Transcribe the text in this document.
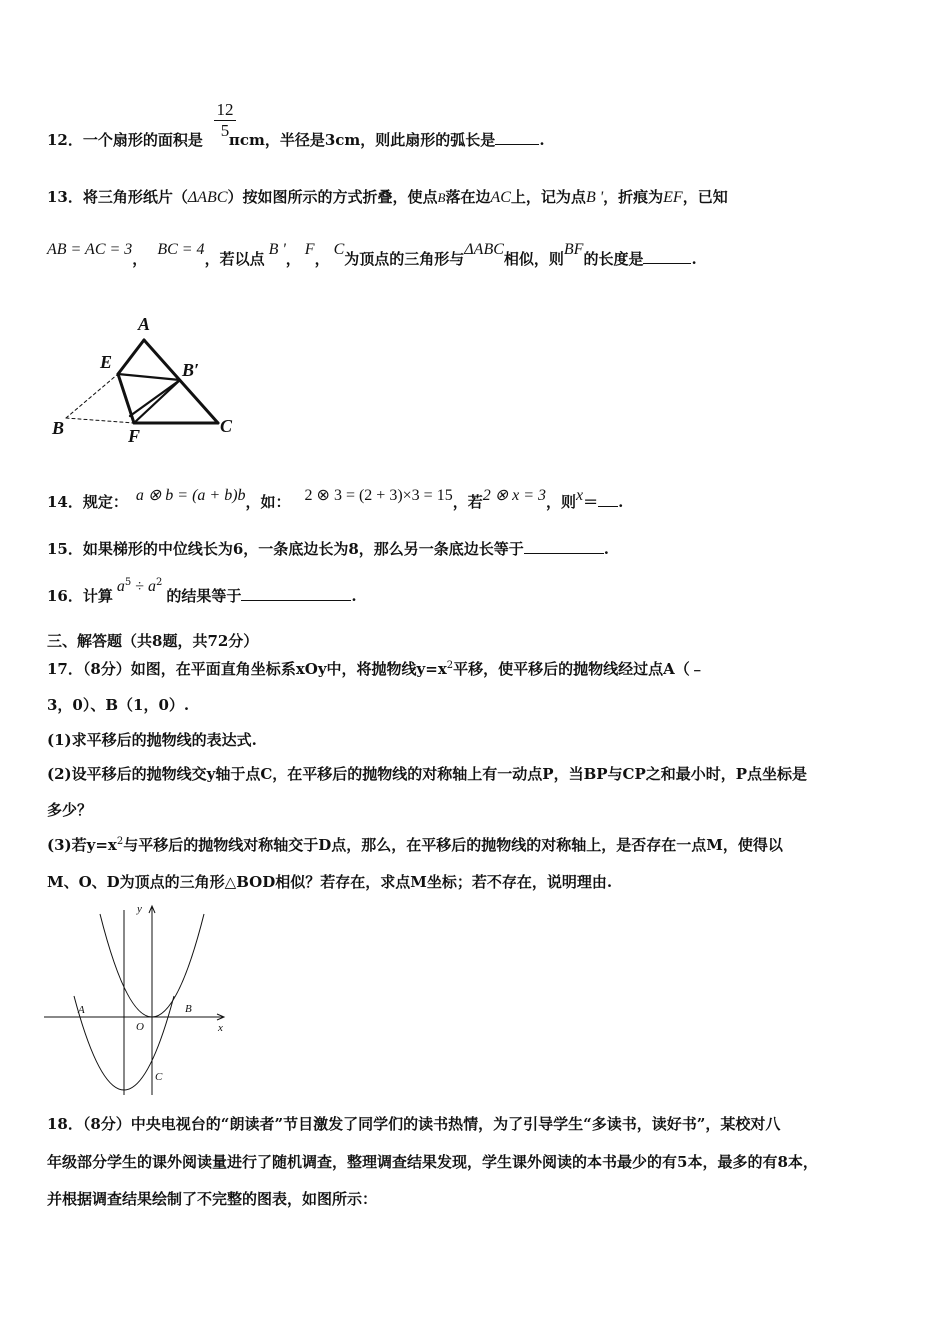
$\frac{12}{5}$
12．一个扇形的面积是 πcm，半径是3cm，则此扇形的弧长是	.
13．将三角形纸片（ΔABC）按如图所示的方式折叠，使点B落在边AC上，记为点B '，折痕为EF，已知
AB = AC = 3，BC = 4，若以点B '，F，C为顶点的三角形与ΔABC相似，则BF的长度是	.
A
E	B′
B	F	C
14．规定： a ⊗ b = (a + b)b，如： 2 ⊗ 3 = (2 + 3)×3 = 15，若2 ⊗ x = 3，则x＝ .
15．如果梯形的中位线长为6，一条底边长为8，那么另一条底边长等于	.
16．计算$a^5 \div a^2$的结果等于	.
三、解答题（共8题，共72分）
17．（8分）如图，在平面直角坐标系xOy中，将抛物线$y=x^2$平移，使平移后的抛物线经过点A（﹣
3，0）、B（1，0）.
(1)求平移后的抛物线的表达式.
(2)设平移后的抛物线交y轴于点C，在平移后的抛物线的对称轴上有一动点P，当BP与CP之和最小时，P点坐标是
多少？
(3)若$y=x^2$与平移后的抛物线对称轴交于D点，那么，在平移后的抛物线的对称轴上，是否存在一点M，使得以
M、O、D为顶点的三角形△BOD相似？若存在，求点M坐标；若不存在，说明理由.
y
x
A
O
B
C
18．（8分）中央电视台的“朗读者”节目激发了同学们的读书热情，为了引导学生“多读书，读好书”，某校对八
年级部分学生的课外阅读量进行了随机调查，整理调查结果发现，学生课外阅读的本书最少的有5本，最多的有8本，
并根据调查结果绘制了不完整的图表，如图所示：
